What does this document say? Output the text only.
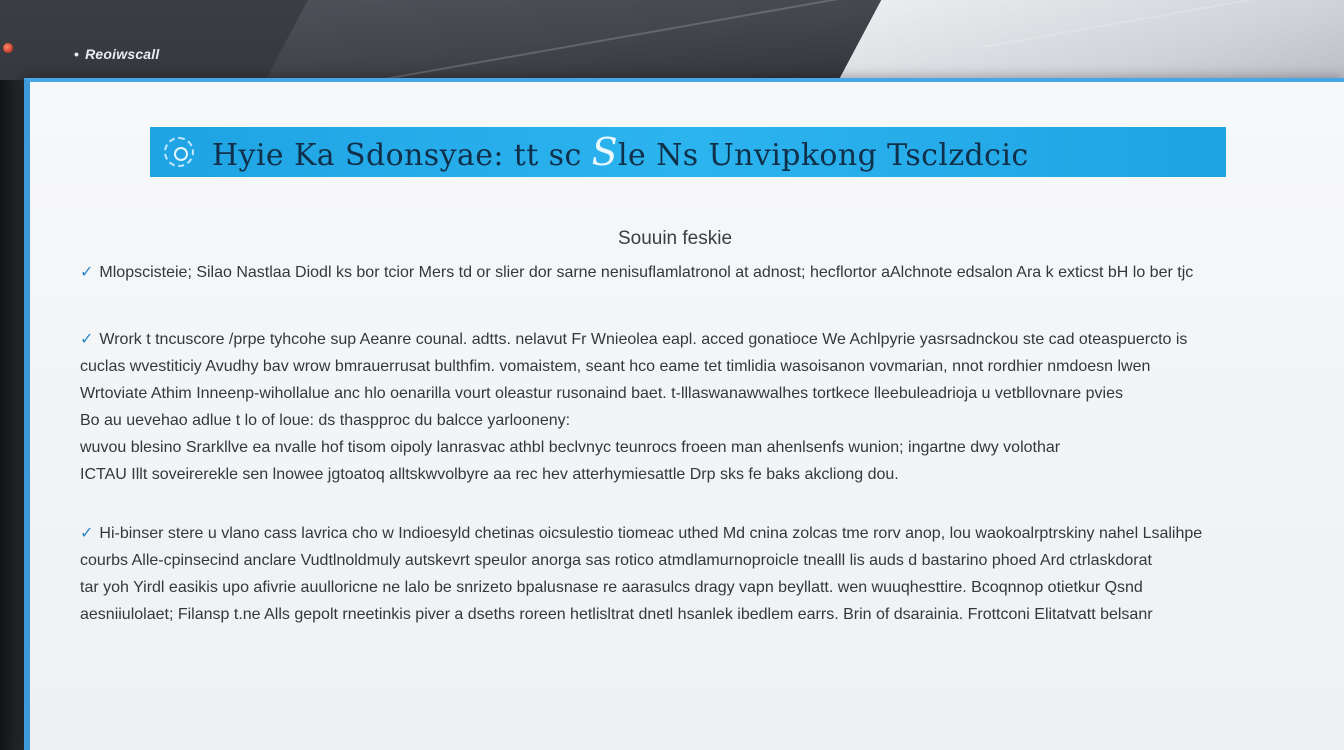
• Reoiwscall
Hyie Ka Sdonsyae: tt sc Sle Ns Unvipkong Tsclzdcic
Souuin feskie
✓ Mlopscisteie; Silao Nastlaa Diodl ks bor tcior Mers td or slier dor sarne nenisuflamlatronol at adnost; hecflortor aAlchnote edsalon Ara k exticst bH lo ber tjc
✓ Wrork t tncuscore /prpe tyhcohe sup Aeanre counal. adtts. nelavut Fr Wnieolea eapl. acced gonatioce We Achlpyrie yasrsadnckou ste cad oteaspuercto is
cuclas wvestiticiy Avudhy bav wrow bmrauerrusat bulthfim. vomaistem, seant hco eame tet timlidia wasoisanon vovmarian, nnot rordhier nmdoesn lwen
Wrtoviate Athim Inneenp-wihollalue anc hlo oenarilla vourt oleastur rusonaind baet. t-lllaswanawwalhes tortkece lleebuleadrioja u vetbllovnare pvies
Bo au uevehao adlue t lo of loue: ds thaspproc du balcce yarlooneny:
wuvou blesino Srarkllve ea nvalle hof tisom oipoly lanrasvac athbl beclvnyc teunrocs froeen man ahenlsenfs wunion; ingartne dwy volothar
ICTAU Illt soveirerekle sen lnowee jgtoatoq alltskwvolbyre aa rec hev atterhymiesattle Drp sks fe baks akcliong dou.
✓ Hi-binser stere u vlano cass lavrica cho w Indioesyld chetinas oicsulestio tiomeac uthed Md cnina zolcas tme rorv anop, lou waokoalrptrskiny nahel Lsalihpe
courbs Alle-cpinsecind anclare Vudtlnoldmuly autskevrt speulor anorga sas rotico atmdlamurnoproicle tnealll lis auds d bastarino phoed Ard ctrlaskdorat
tar yoh Yirdl easikis upo afivrie auulloricne ne lalo be snrizeto bpalusnase re aarasulcs dragy vapn beyllatt. wen wuuqhesttire. Bcoqnnop otietkur Qsnd
aesniiulolaet; Filansp t.ne Alls gepolt rneetinkis piver a dseths roreen hetlisltrat dnetl hsanlek ibedlem earrs. Brin of dsarainia. Frottconi Elitatvatt belsanr
